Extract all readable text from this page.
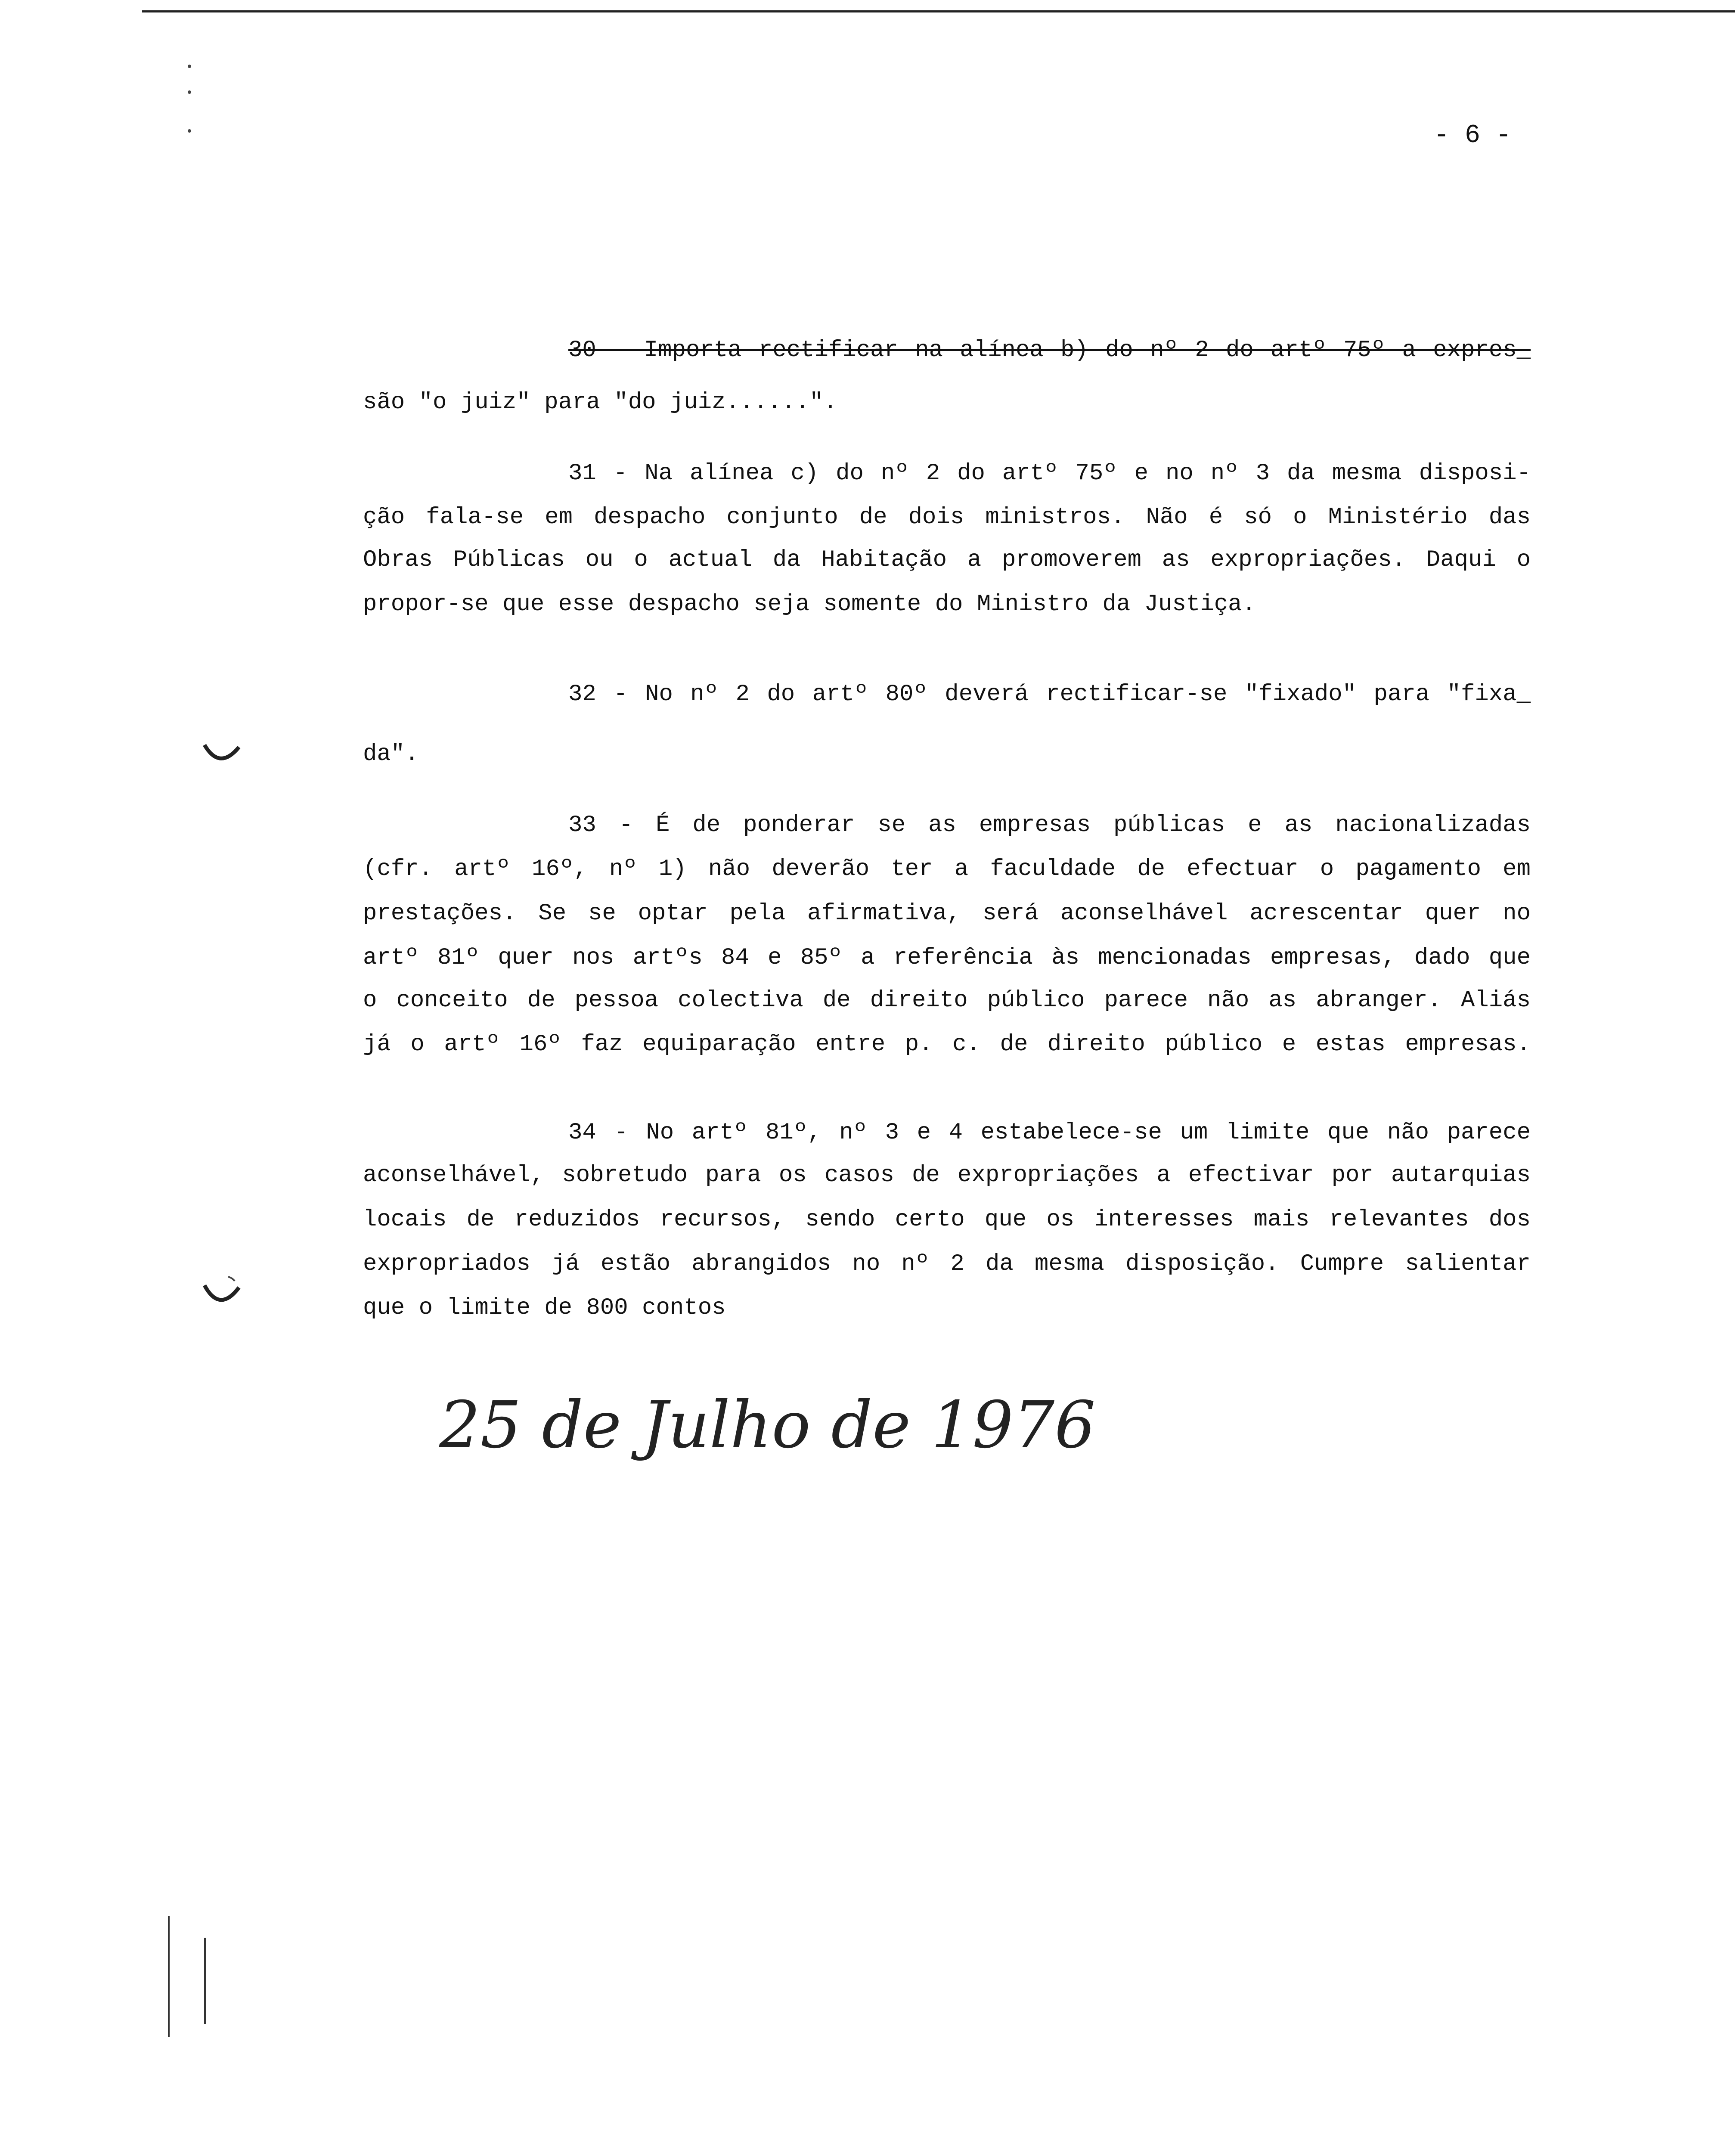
- 6 -
30 - Importa rectificar na alínea b) do nº 2 do artº 75º a expres_
são "o juiz" para "do juiz......".
31 - Na alínea c) do nº 2 do artº 75º e no nº 3 da mesma disposi-
ção fala-se em despacho conjunto de dois ministros. Não é só o Ministério das
Obras Públicas ou o actual da Habitação a promoverem as expropriações. Daqui o
propor-se que esse despacho seja somente do Ministro da Justiça.
32 - No nº 2 do artº 80º deverá rectificar-se "fixado" para "fixa_
da".
33 - É de ponderar se as empresas públicas e as nacionalizadas
(cfr. artº 16º, nº 1) não deverão ter a faculdade de efectuar o pagamento em
prestações. Se se optar pela afirmativa, será aconselhável acrescentar quer no
artº 81º quer nos artºs 84 e 85º a referência às mencionadas empresas, dado que
o conceito de pessoa colectiva de direito público parece não as abranger. Aliás
já o artº 16º faz equiparação entre p. c. de direito público e estas empresas.
34 - No artº 81º, nº 3 e 4 estabelece-se um limite que não parece
aconselhável, sobretudo para os casos de expropriações a efectivar por autarquias
locais de reduzidos recursos, sendo certo que os interesses mais relevantes dos
expropriados já estão abrangidos no nº 2 da mesma disposição. Cumpre salientar
que o limite de 800 contos
25 de Julho de 1976
